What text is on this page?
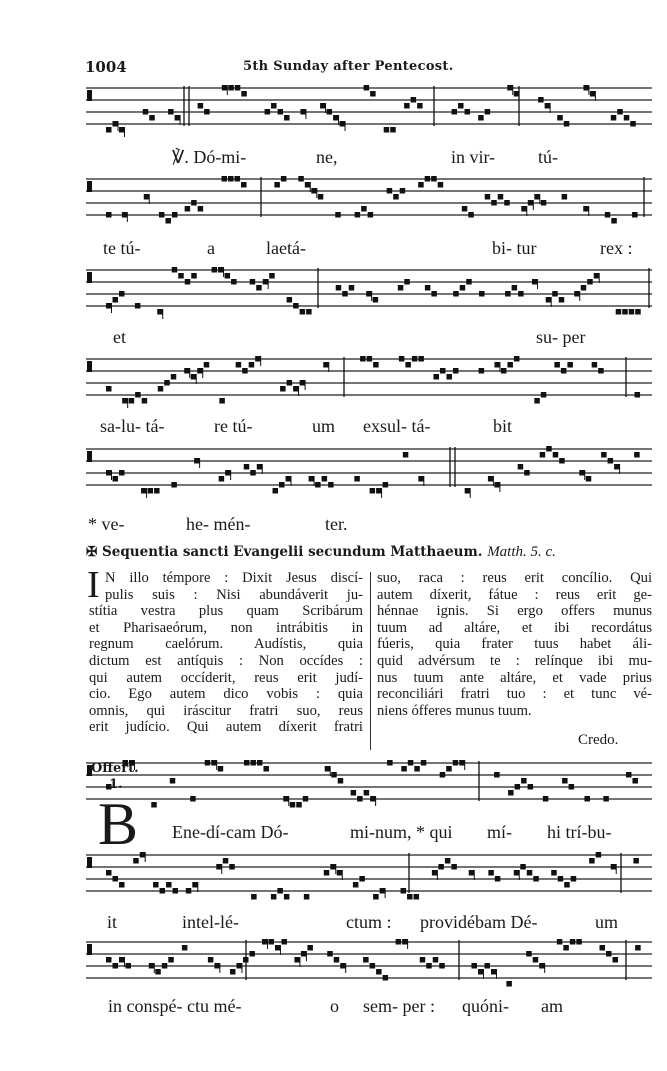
1004	5th Sunday after Pentecost.
℣. Dó-mi-	ne,	in vir- tú-
te tú-	a	laetá-	bi- tur	rex :
et	su- per
sa-lu- tá-	re tú-	um exsul- tá-	bit
* ve-	he- mén-	ter.
✠ Sequentia sancti Evangelii secundum Matthaeum. Matth. 5. c.
I N illo témpore : Dixit Jesus discí-
pulis suis : Nisi abundáverit ju-
stítia vestra plus quam Scribárum
et Pharisaeórum, non intrábitis in
regnum caelórum. Audístis, quia
dictum est antíquis : Non occídes :
qui autem occíderit, reus erit judí-
cio. Ego autem dico vobis : quia
omnis, qui iráscitur fratri suo, reus
erit judício. Qui autem díxerit fratri
suo, raca : reus erit concílio. Qui
autem díxerit, fátue : reus erit ge-
hénnae ignis. Si ergo offers munus
tuum ad altáre, et ibi recordátus
fúeris, quia frater tuus habet áli-
quid advérsum te : relínque ibi mu-
nus tuum ante altáre, et vade prius
reconciliári fratri tuo : et tunc vé-
niens ófferes munus tuum.
Credo.
Offert.
1.
B Ene-dí-cam Dó-	mi-num, * qui mí- hi trí-bu-
it	intel-lé-	ctum : providébam Dé-	um
in conspé- ctu mé-	o sem- per : quóni- am
